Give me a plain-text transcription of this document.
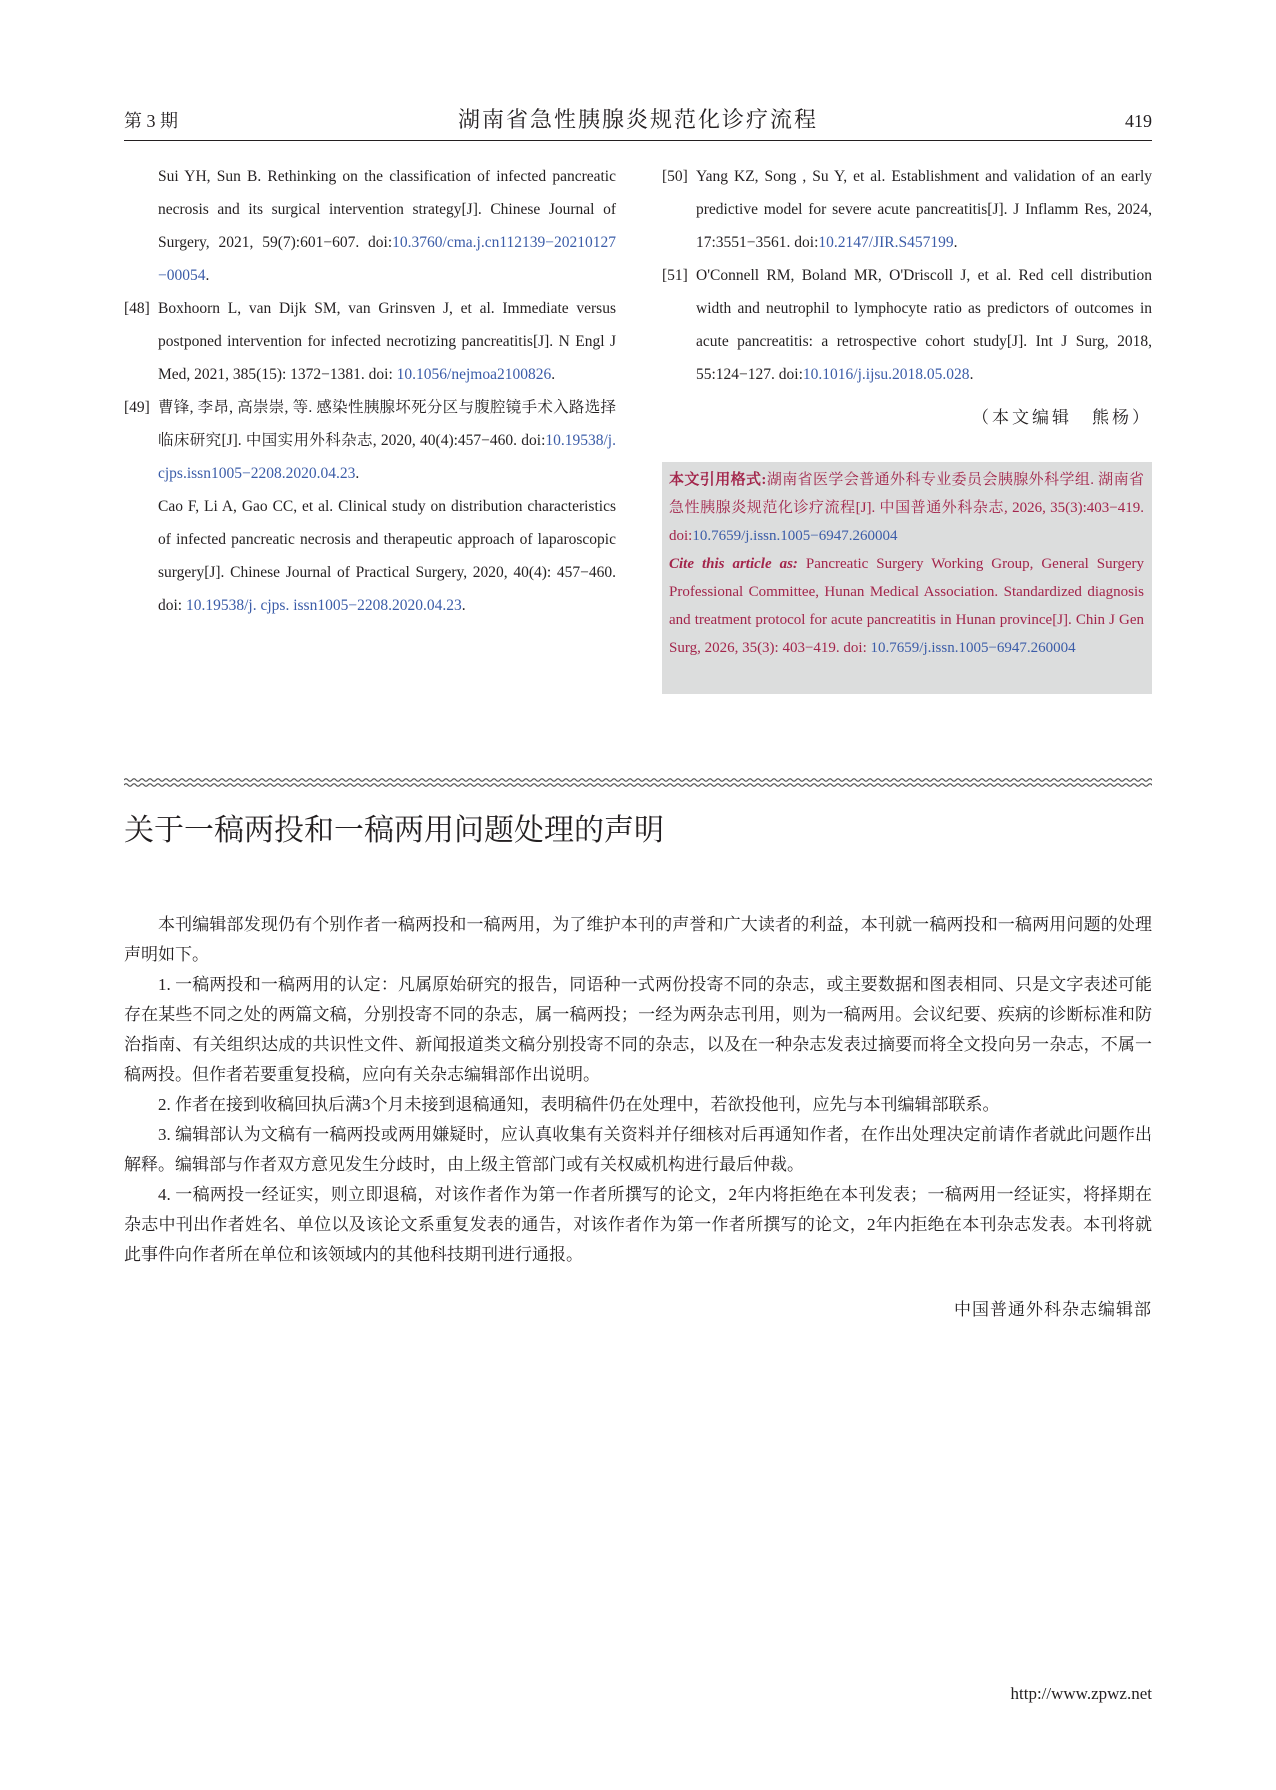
第 3 期	湖南省急性胰腺炎规范化诊疗流程	419
Sui YH, Sun B. Rethinking on the classification of infected pancreatic necrosis and its surgical intervention strategy[J]. Chinese Journal of Surgery, 2021, 59(7):601−607. doi:10.3760/cma.j.cn112139−20210127−00054.
[48] Boxhoorn L, van Dijk SM, van Grinsven J, et al. Immediate versus postponed intervention for infected necrotizing pancreatitis[J]. N Engl J Med, 2021, 385(15): 1372−1381. doi: 10.1056/nejmoa2100826.
[49] 曹锋, 李昂, 高崇崇, 等. 感染性胰腺坏死分区与腹腔镜手术入路选择临床研究[J]. 中国实用外科杂志, 2020, 40(4):457−460. doi:10.19538/j.cjps.issn1005−2208.2020.04.23.
Cao F, Li A, Gao CC, et al. Clinical study on distribution characteristics of infected pancreatic necrosis and therapeutic approach of laparoscopic surgery[J]. Chinese Journal of Practical Surgery, 2020, 40(4): 457−460. doi: 10.19538/j. cjps. issn1005−2208.2020.04.23.
[50] Yang KZ, Song , Su Y, et al. Establishment and validation of an early predictive model for severe acute pancreatitis[J]. J Inflamm Res, 2024, 17:3551−3561. doi:10.2147/JIR.S457199.
[51] O'Connell RM, Boland MR, O'Driscoll J, et al. Red cell distribution width and neutrophil to lymphocyte ratio as predictors of outcomes in acute pancreatitis: a retrospective cohort study[J]. Int J Surg, 2018, 55:124−127. doi:10.1016/j.ijsu.2018.05.028.
（本文编辑　熊杨）
本文引用格式:湖南省医学会普通外科专业委员会胰腺外科学组. 湖南省急性胰腺炎规范化诊疗流程[J]. 中国普通外科杂志, 2026, 35(3):403−419. doi:10.7659/j.issn.1005−6947.260004
Cite this article as: Pancreatic Surgery Working Group, General Surgery Professional Committee, Hunan Medical Association. Standardized diagnosis and treatment protocol for acute pancreatitis in Hunan province[J]. Chin J Gen Surg, 2026, 35(3): 403−419. doi: 10.7659/j.issn.1005−6947.260004
关于一稿两投和一稿两用问题处理的声明

本刊编辑部发现仍有个别作者一稿两投和一稿两用，为了维护本刊的声誉和广大读者的利益，本刊就一稿两投和一稿两用问题的处理声明如下。

1. 一稿两投和一稿两用的认定：凡属原始研究的报告，同语种一式两份投寄不同的杂志，或主要数据和图表相同、只是文字表述可能存在某些不同之处的两篇文稿，分别投寄不同的杂志，属一稿两投；一经为两杂志刊用，则为一稿两用。会议纪要、疾病的诊断标准和防治指南、有关组织达成的共识性文件、新闻报道类文稿分别投寄不同的杂志，以及在一种杂志发表过摘要而将全文投向另一杂志，不属一稿两投。但作者若要重复投稿，应向有关杂志编辑部作出说明。

2. 作者在接到收稿回执后满3个月未接到退稿通知，表明稿件仍在处理中，若欲投他刊，应先与本刊编辑部联系。

3. 编辑部认为文稿有一稿两投或两用嫌疑时，应认真收集有关资料并仔细核对后再通知作者，在作出处理决定前请作者就此问题作出解释。编辑部与作者双方意见发生分歧时，由上级主管部门或有关权威机构进行最后仲裁。

4. 一稿两投一经证实，则立即退稿，对该作者作为第一作者所撰写的论文，2年内将拒绝在本刊发表；一稿两用一经证实，将择期在杂志中刊出作者姓名、单位以及该论文系重复发表的通告，对该作者作为第一作者所撰写的论文，2年内拒绝在本刊杂志发表。本刊将就此事件向作者所在单位和该领域内的其他科技期刊进行通报。

中国普通外科杂志编辑部
http://www.zpwz.net
